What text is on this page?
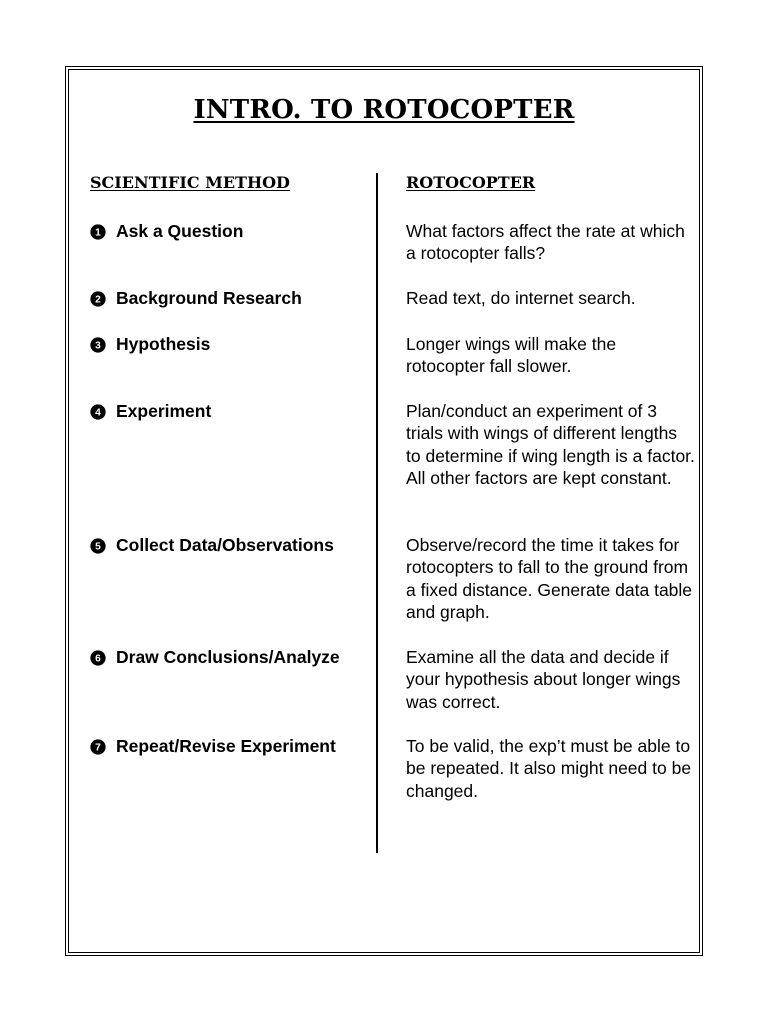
INTRO. TO ROTOCOPTER
SCIENTIFIC METHOD	ROTOCOPTER
1 Ask a Question	What factors affect the rate at which a rotocopter falls?
2 Background Research	Read text, do internet search.
3 Hypothesis	Longer wings will make the rotocopter fall slower.
4 Experiment	Plan/conduct an experiment of 3 trials with wings of different lengths to determine if wing length is a factor. All other factors are kept constant.
5 Collect Data/Observations	Observe/record the time it takes for rotocopters to fall to the ground from a fixed distance. Generate data table and graph.
6 Draw Conclusions/Analyze	Examine all the data and decide if your hypothesis about longer wings was correct.
7 Repeat/Revise Experiment	To be valid, the exp’t must be able to be repeated. It also might need to be changed.
